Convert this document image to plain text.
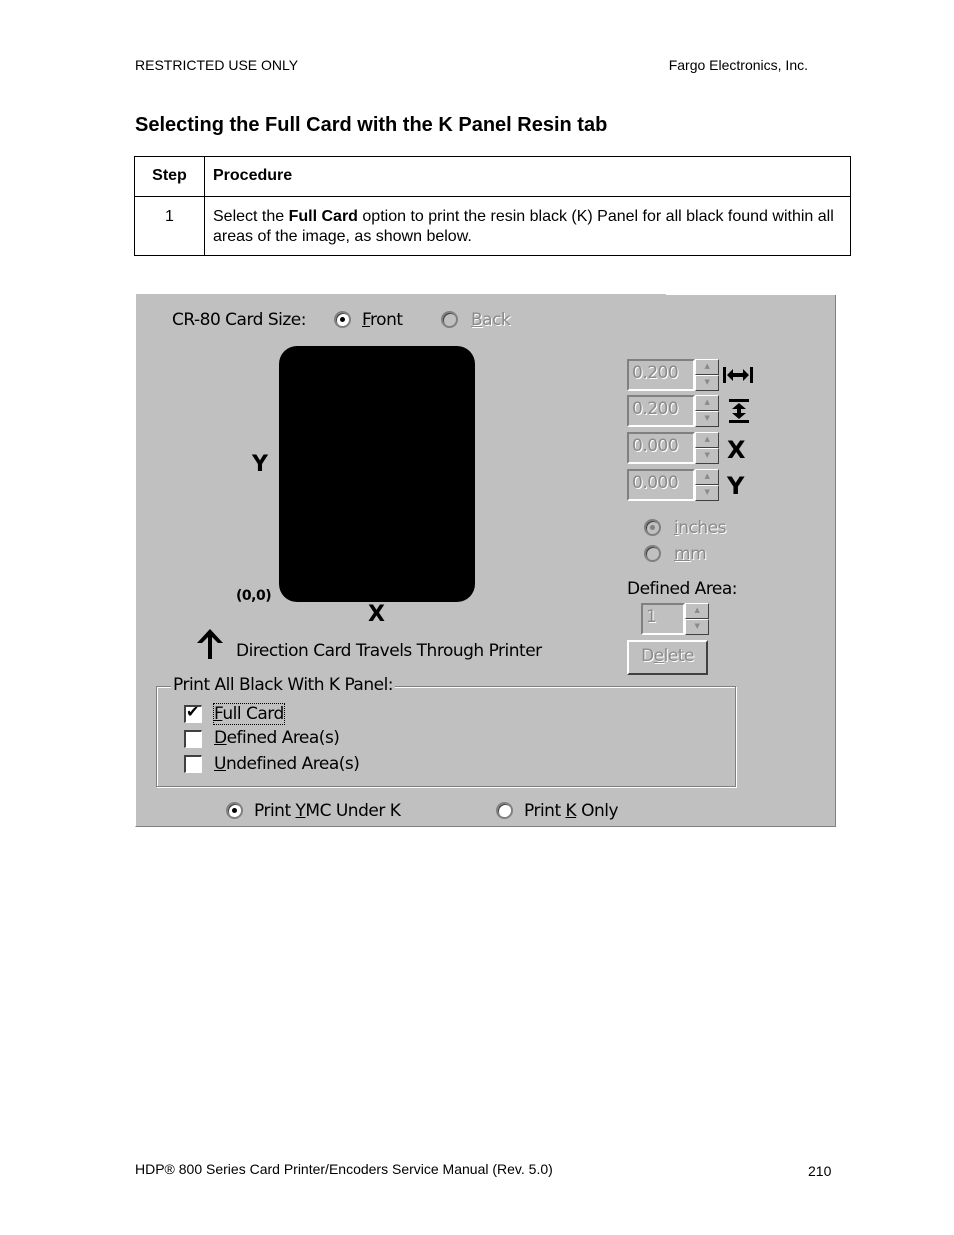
RESTRICTED USE ONLY	Fargo Electronics, Inc.
Selecting the Full Card with the K Panel Resin tab
Step	Procedure
1	Select the Full Card option to print the resin black (K) Panel for all black found within all areas of the image, as shown below.
CR-80 Card Size:	Front	Back
Y
X
(0,0)
Direction Card Travels Through Printer
0.200	▲
▼
0.200	▲
▼
0.000	▲
▼ X
0.000	▲
▼ Y
inches
mm
Defined Area:
1	▲
▼
Delete
Print All Black With K Panel:
✔ Full Card
Defined Area(s)
Undefined Area(s)
Print YMC Under K	Print K Only
HDP® 800 Series Card Printer/Encoders Service Manual (Rev. 5.0)	210
